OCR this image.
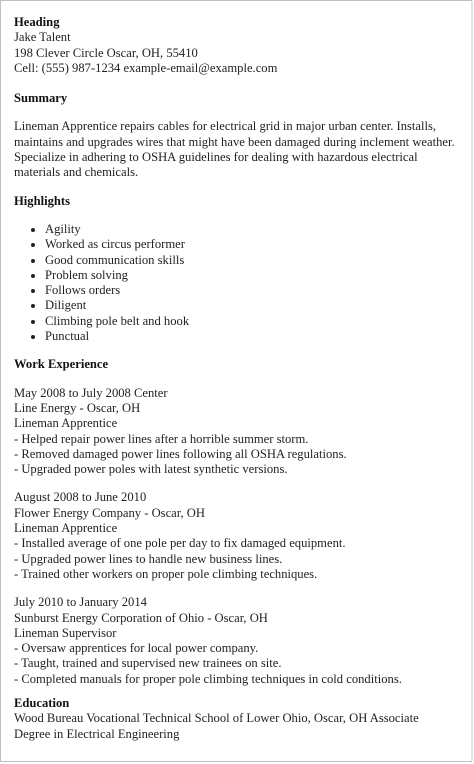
Heading
Jake Talent
198 Clever Circle Oscar, OH, 55410
Cell: (555) 987-1234 example-email@example.com
Summary
Lineman Apprentice repairs cables for electrical grid in major urban center. Installs,
maintains and upgrades wires that might have been damaged during inclement weather.
Specialize in adhering to OSHA guidelines for dealing with hazardous electrical
materials and chemicals.
Highlights
• Agility
• Worked as circus performer
• Good communication skills
• Problem solving
• Follows orders
• Diligent
• Climbing pole belt and hook
• Punctual
Work Experience
May 2008 to July 2008 Center
Line Energy - Oscar, OH
Lineman Apprentice
- Helped repair power lines after a horrible summer storm.
- Removed damaged power lines following all OSHA regulations.
- Upgraded power poles with latest synthetic versions.
August 2008 to June 2010
Flower Energy Company - Oscar, OH
Lineman Apprentice
- Installed average of one pole per day to fix damaged equipment.
- Upgraded power lines to handle new business lines.
- Trained other workers on proper pole climbing techniques.
July 2010 to January 2014
Sunburst Energy Corporation of Ohio - Oscar, OH
Lineman Supervisor
- Oversaw apprentices for local power company.
- Taught, trained and supervised new trainees on site.
- Completed manuals for proper pole climbing techniques in cold conditions.
Education
Wood Bureau Vocational Technical School of Lower Ohio, Oscar, OH Associate
Degree in Electrical Engineering
